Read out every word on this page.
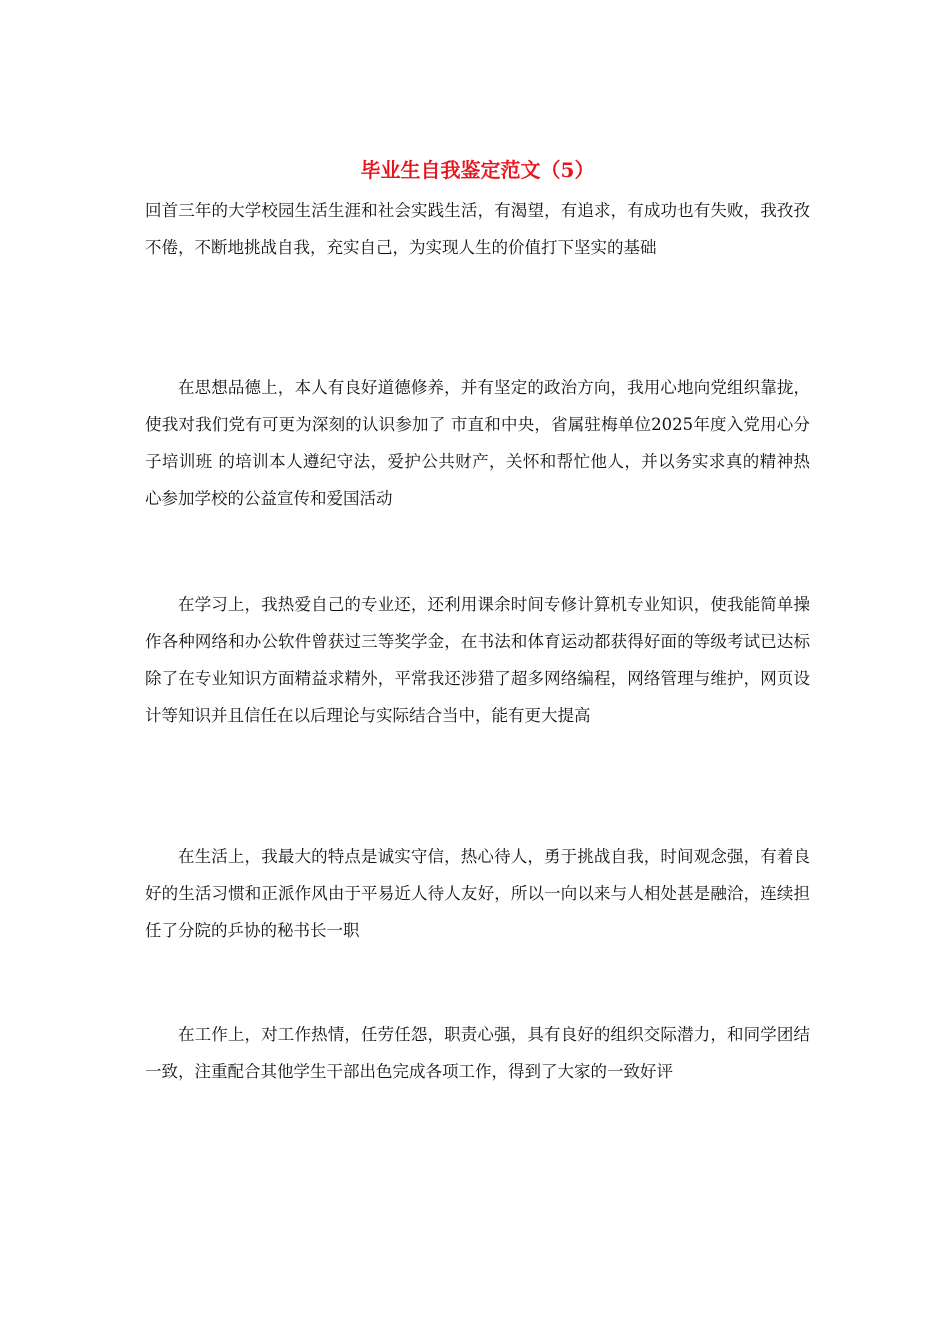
毕业生自我鉴定范文（5）

回首三年的大学校园生活生涯和社会实践生活，有渴望，有追求，有成功也有失败，我孜孜不倦，不断地挑战自我，充实自己，为实现人生的价值打下坚实的基础

在思想品德上，本人有良好道德修养，并有坚定的政治方向，我用心地向党组织靠拢，使我对我们党有可更为深刻的认识参加了 市直和中央，省属驻梅单位2025年度入党用心分子培训班 的培训本人遵纪守法，爱护公共财产，关怀和帮忙他人，并以务实求真的精神热心参加学校的公益宣传和爱国活动

在学习上，我热爱自己的专业还，还利用课余时间专修计算机专业知识，使我能简单操作各种网络和办公软件曾获过三等奖学金，在书法和体育运动都获得好面的等级考试已达标除了在专业知识方面精益求精外，平常我还涉猎了超多网络编程，网络管理与维护，网页设计等知识并且信任在以后理论与实际结合当中，能有更大提高

在生活上，我最大的特点是诚实守信，热心待人，勇于挑战自我，时间观念强，有着良好的生活习惯和正派作风由于平易近人待人友好，所以一向以来与人相处甚是融洽，连续担任了分院的乒协的秘书长一职

在工作上，对工作热情，任劳任怨，职责心强，具有良好的组织交际潜力，和同学团结一致，注重配合其他学生干部出色完成各项工作，得到了大家的一致好评
